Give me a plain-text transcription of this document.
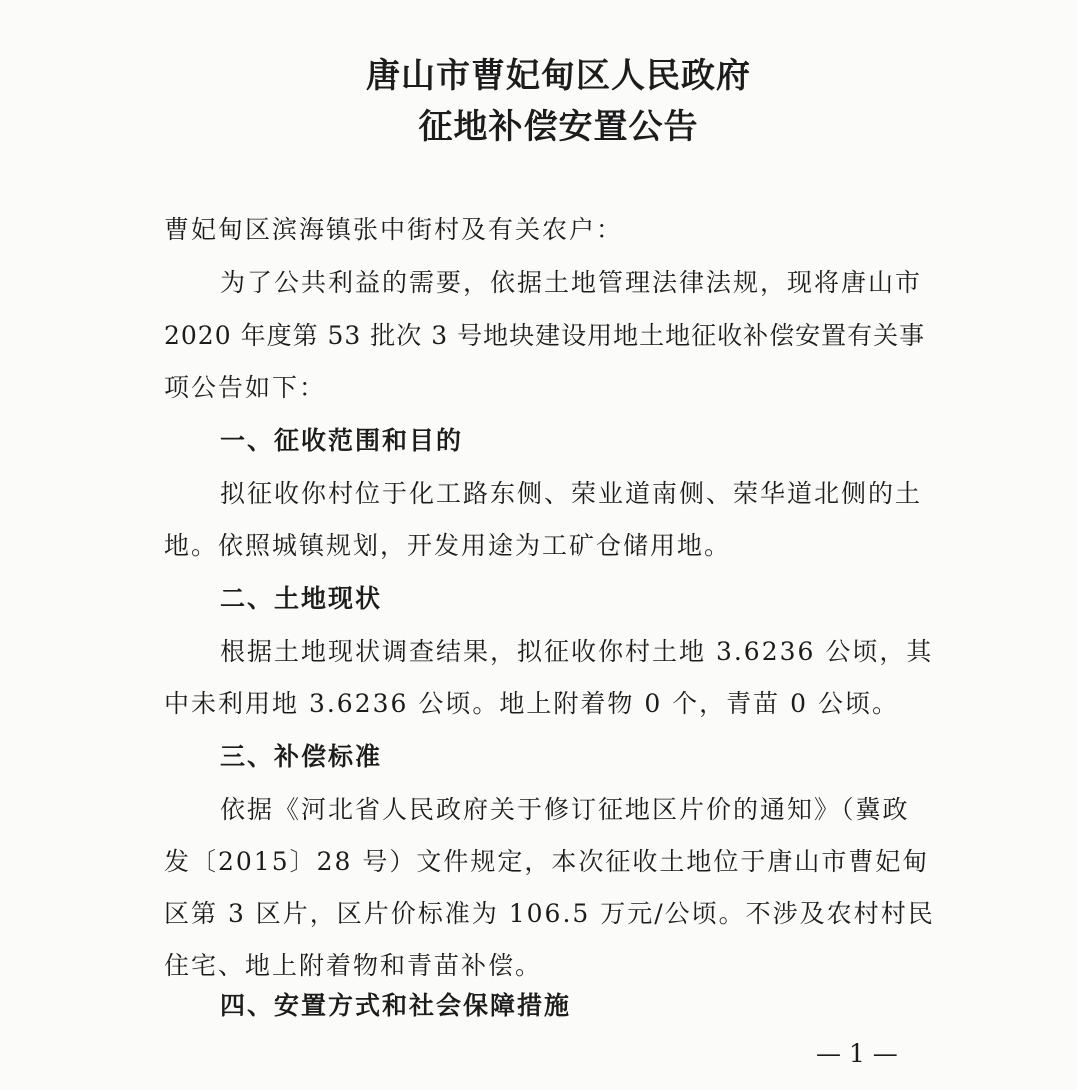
唐山市曹妃甸区人民政府
征地补偿安置公告
曹妃甸区滨海镇张中街村及有关农户：
为了公共利益的需要，依据土地管理法律法规，现将唐山市
2020 年度第 53 批次 3 号地块建设用地土地征收补偿安置有关事
项公告如下：
一、征收范围和目的
拟征收你村位于化工路东侧、荣业道南侧、荣华道北侧的土
地。依照城镇规划，开发用途为工矿仓储用地。
二、土地现状
根据土地现状调查结果，拟征收你村土地 3.6236 公顷，其
中未利用地 3.6236 公顷。地上附着物 0 个，青苗 0 公顷。
三、补偿标准
依据《河北省人民政府关于修订征地区片价的通知》（冀政
发〔2015〕28 号）文件规定，本次征收土地位于唐山市曹妃甸
区第 3 区片，区片价标准为 106.5 万元/公顷。不涉及农村村民
住宅、地上附着物和青苗补偿。
四、安置方式和社会保障措施
— 1 —
